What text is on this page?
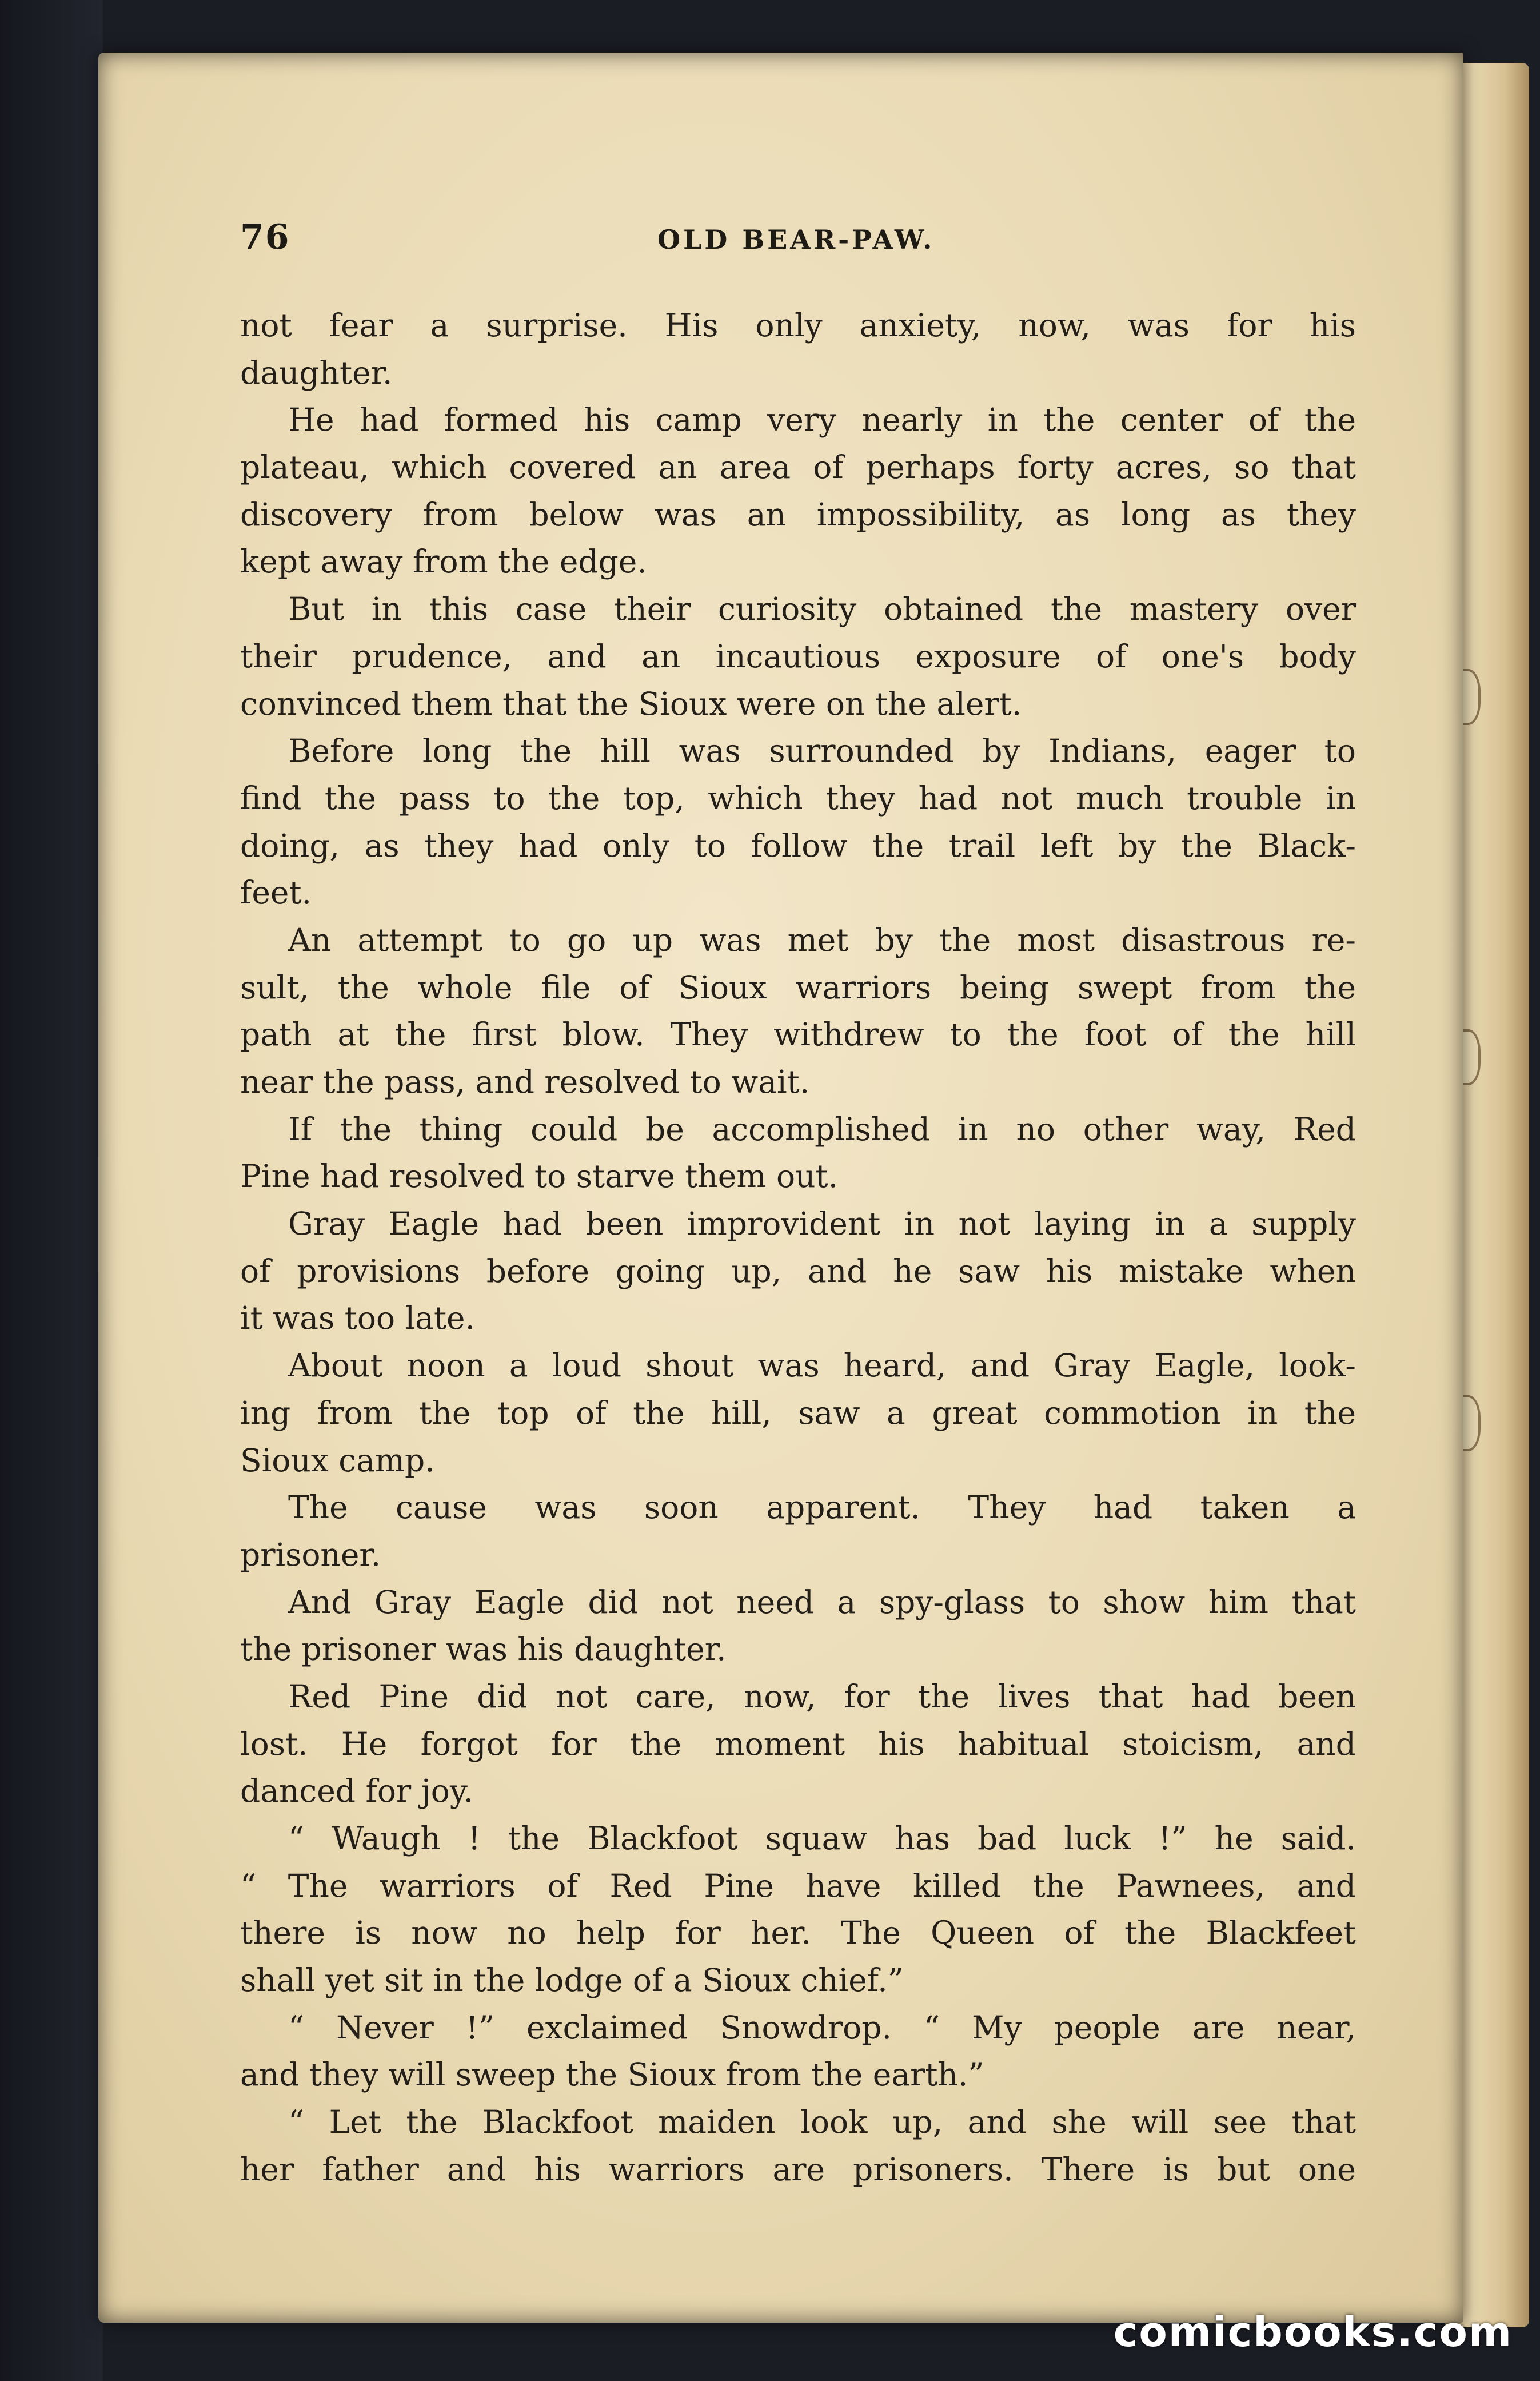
76	OLD BEAR-PAW.
not fear a surprise. His only anxiety, now, was for his
daughter.
He had formed his camp very nearly in the center of the
plateau, which covered an area of perhaps forty acres, so that
discovery from below was an impossibility, as long as they
kept away from the edge.
But in this case their curiosity obtained the mastery over
their prudence, and an incautious exposure of one's body
convinced them that the Sioux were on the alert.
Before long the hill was surrounded by Indians, eager to
find the pass to the top, which they had not much trouble in
doing, as they had only to follow the trail left by the Black-
feet.
An attempt to go up was met by the most disastrous re-
sult, the whole file of Sioux warriors being swept from the
path at the first blow. They withdrew to the foot of the hill
near the pass, and resolved to wait.
If the thing could be accomplished in no other way, Red
Pine had resolved to starve them out.
Gray Eagle had been improvident in not laying in a supply
of provisions before going up, and he saw his mistake when
it was too late.
About noon a loud shout was heard, and Gray Eagle, look-
ing from the top of the hill, saw a great commotion in the
Sioux camp.
The cause was soon apparent. They had taken a
prisoner.
And Gray Eagle did not need a spy-glass to show him that
the prisoner was his daughter.
Red Pine did not care, now, for the lives that had been
lost. He forgot for the moment his habitual stoicism, and
danced for joy.
“ Waugh ! the Blackfoot squaw has bad luck !” he said.
“ The warriors of Red Pine have killed the Pawnees, and
there is now no help for her. The Queen of the Blackfeet
shall yet sit in the lodge of a Sioux chief.”
“ Never !” exclaimed Snowdrop. “ My people are near,
and they will sweep the Sioux from the earth.”
“ Let the Blackfoot maiden look up, and she will see that
her father and his warriors are prisoners. There is but one
comicbooks.com
